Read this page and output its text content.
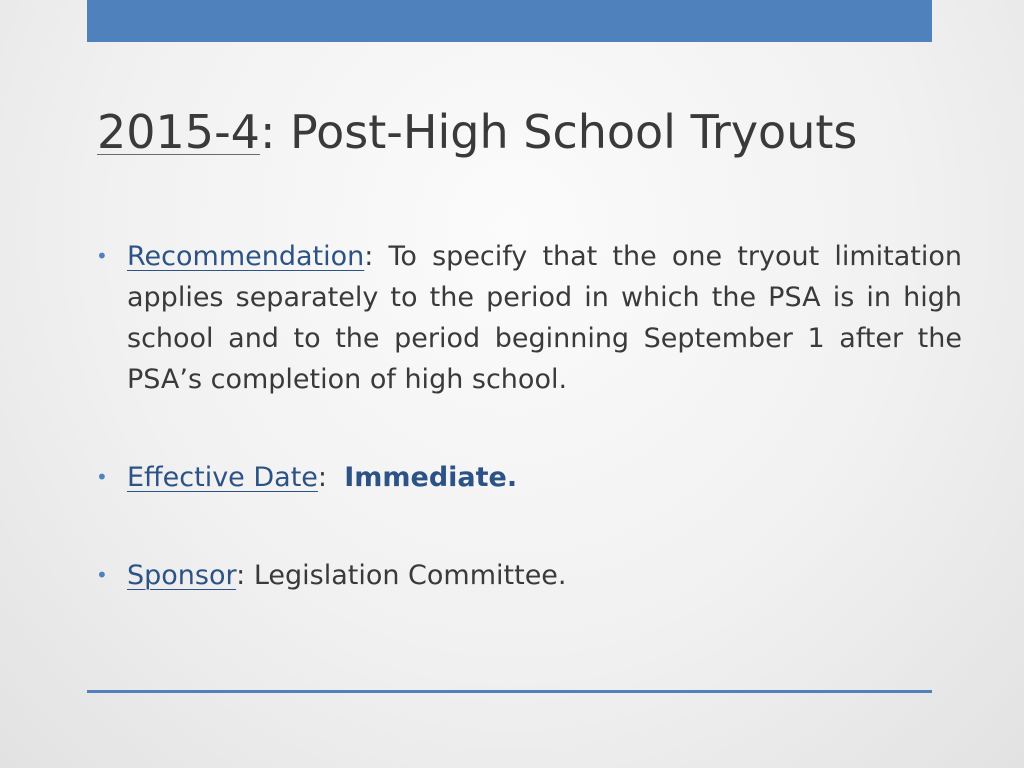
2015-4: Post-High School Tryouts
• Recommendation: To specify that the one tryout limitation applies separately to the period in which the PSA is in high school and to the period beginning September 1 after the PSA’s completion of high school.
• Effective Date: Immediate.
• Sponsor: Legislation Committee.
